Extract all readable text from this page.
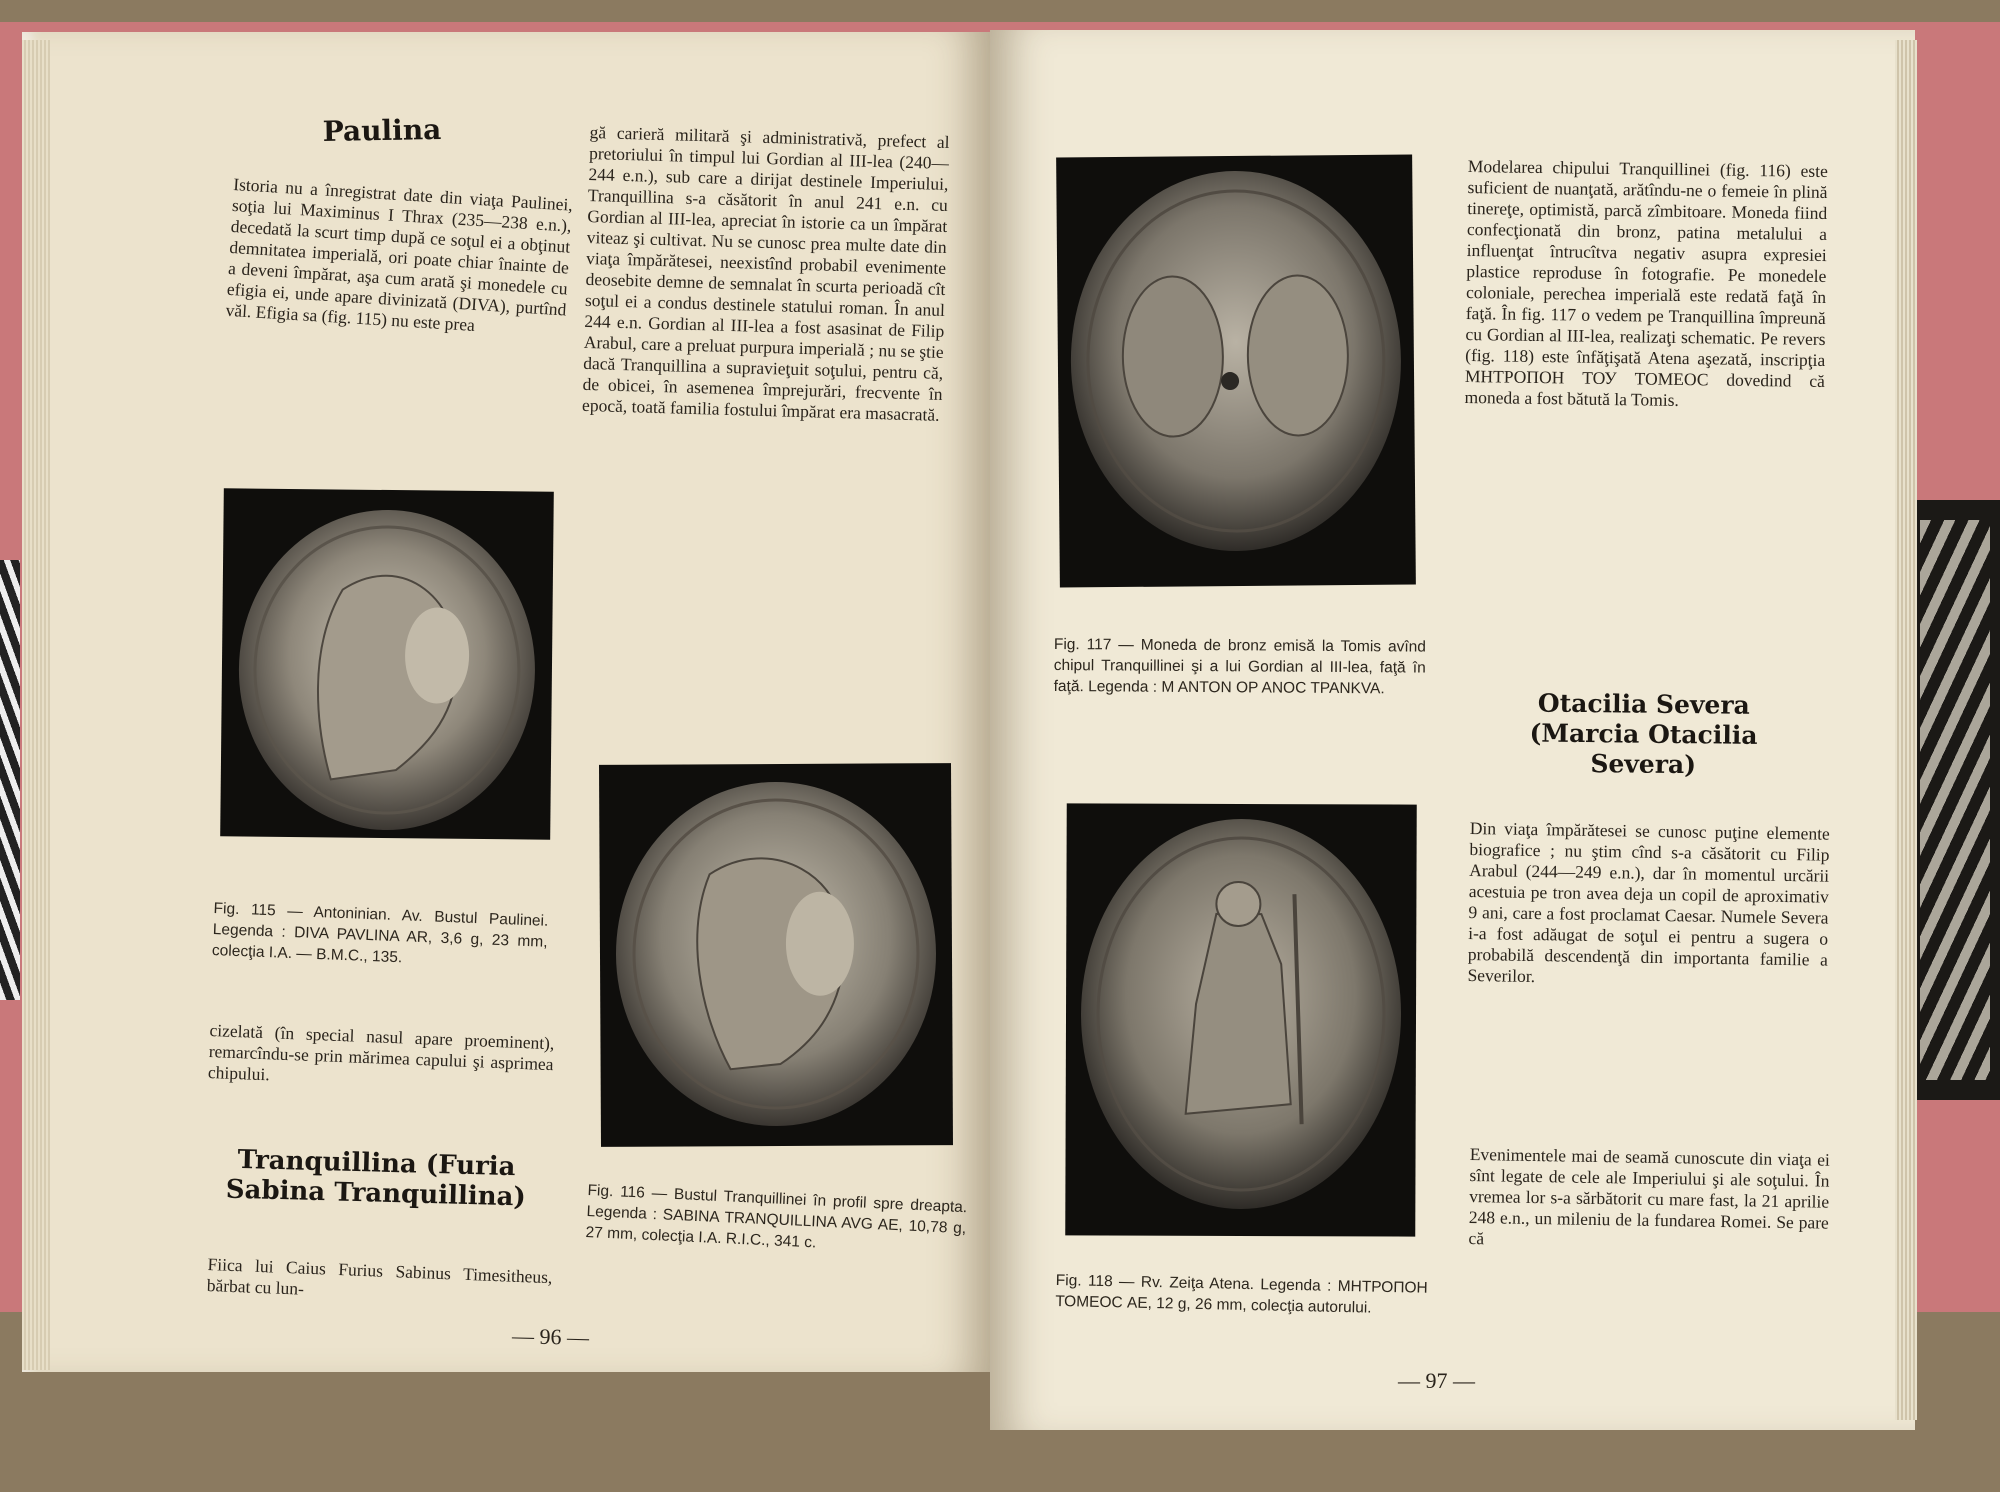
Paulina
Istoria nu a înregistrat date din viaţa Paulinei, soţia lui Maximinus I Thrax (235—238 e.n.), decedată la scurt timp după ce soţul ei a obţinut demnitatea imperială, ori poate chiar înainte de a deveni împărat, aşa cum arată şi monedele cu efigia ei, unde apare divinizată (DIVA), purtînd văl. Efigia sa (fig. 115) nu este prea
Fig. 115 — Antoninian. Av. Bustul Paulinei. Legenda : DIVA PAVLINA AR, 3,6 g, 23 mm, colecţia I.A. — B.M.C., 135.
cizelată (în special nasul apare proeminent), remarcîndu-se prin mărimea capului şi asprimea chipului.
Tranquillina (Furia Sabina Tranquillina)
Fiica lui Caius Furius Sabinus Timesitheus, bărbat cu lun-
gă carieră militară şi administrativă, prefect al pretoriului în timpul lui Gordian al III-lea (240—244 e.n.), sub care a dirijat destinele Imperiului, Tranquillina s-a căsătorit în anul 241 e.n. cu Gordian al III-lea, apreciat în istorie ca un împărat viteaz şi cultivat. Nu se cunosc prea multe date din viaţa împărătesei, neexistînd probabil evenimente deosebite demne de semnalat în scurta perioadă cît soţul ei a condus destinele statului roman. În anul 244 e.n. Gordian al III-lea a fost asasinat de Filip Arabul, care a preluat purpura imperială ; nu se ştie dacă Tranquillina a supravieţuit soţului, pentru că, de obicei, în asemenea împrejurări, frecvente în epocă, toată familia fostului împărat era masacrată.
Fig. 116 — Bustul Tranquillinei în profil spre dreapta. Legenda : SABINA TRANQUILLINA AVG AE, 10,78 g, 27 mm, colecţia I.A. R.I.C., 341 c.
— 96 —
Fig. 117 — Moneda de bronz emisă la Tomis avînd chipul Tranquillinei şi a lui Gordian al III-lea, faţă în faţă. Legenda : M ANTON OP ANOC TPANKVA.
Fig. 118 — Rv. Zeiţa Atena. Legenda : МНТРОПОН ТОМЕОС AE, 12 g, 26 mm, colecţia autorului.
Modelarea chipului Tranquillinei (fig. 116) este suficient de nuanţată, arătîndu-ne o femeie în plină tinereţe, optimistă, parcă zîmbitoare. Moneda fiind confecţionată din bronz, patina metalului a influenţat întrucîtva negativ asupra expresiei plastice reproduse în fotografie. Pe monedele coloniale, perechea imperială este redată faţă în faţă. În fig. 117 o vedem pe Tranquillina împreună cu Gordian al III-lea, realizaţi schematic. Pe revers (fig. 118) este înfăţişată Atena aşezată, inscripţia МНТРОПОН ТОУ ТОМЕОС dovedind că moneda a fost bătută la Tomis.
Otacilia Severa (Marcia Otacilia Severa)
Din viaţa împărătesei se cunosc puţine elemente biografice ; nu ştim cînd s-a căsătorit cu Filip Arabul (244—249 e.n.), dar în momentul urcării acestuia pe tron avea deja un copil de aproximativ 9 ani, care a fost proclamat Caesar. Numele Severa i-a fost adăugat de soţul ei pentru a sugera o probabilă descendenţă din importanta familie a Severilor.
Evenimentele mai de seamă cunoscute din viaţa ei sînt legate de cele ale Imperiului şi ale soţului. În vremea lor s-a sărbătorit cu mare fast, la 21 aprilie 248 e.n., un mileniu de la fundarea Romei. Se pare că
— 97 —
